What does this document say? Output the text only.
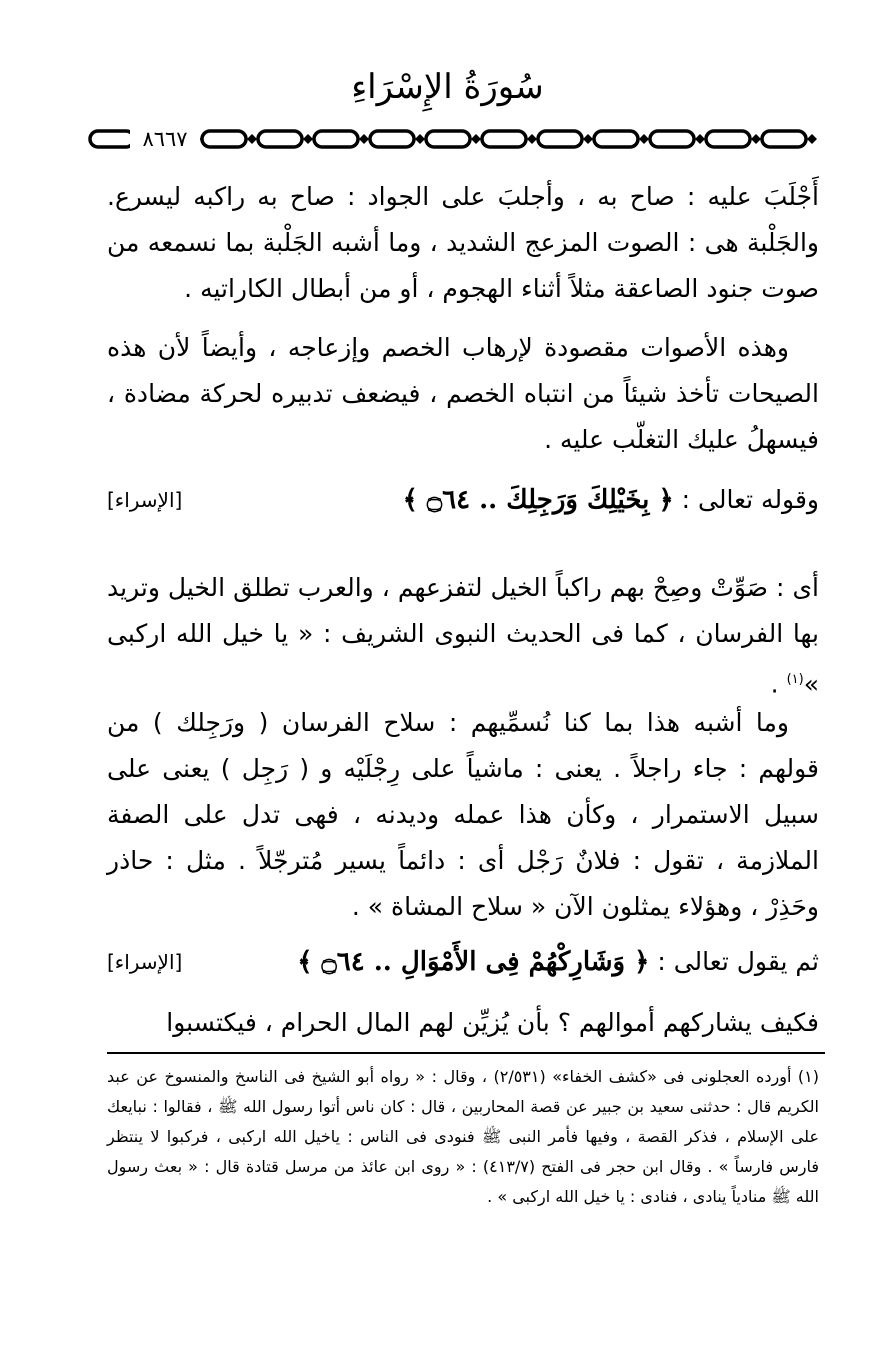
سُورَةُ الإِسْرَاءِ
٨٦٦٧

أَجْلَبَ عليه : صاح به ، وأجلبَ على الجواد : صاح به راكبه ليسرع. والجَلْبة هى : الصوت المزعج الشديد ، وما أشبه الجَلْبة بما نسمعه من صوت جنود الصاعقة مثلاً أثناء الهجوم ، أو من أبطال الكاراتيه .

وهذه الأصوات مقصودة لإرهاب الخصم وإزعاجه ، وأيضاً لأن هذه الصيحات تأخذ شيئاً من انتباه الخصم ، فيضعف تدبيره لحركة مضادة ، فيسهلُ عليك التغلّب عليه .

وقوله تعالى : ﴿ بِخَيْلِكَ وَرَجِلِكَ .. ۝٦٤ ﴾
[الإسراء]

أى : صَوِّتْ وصِحْ بهم راكباً الخيل لتفزعهم ، والعرب تطلق الخيل وتريد بها الفرسان ، كما فى الحديث النبوى الشريف : « يا خيل الله اركبى »$^{(١)}$ .

وما أشبه هذا بما كنا نُسمِّيهم : سلاح الفرسان ( ورَجِلك ) من قولهم : جاء راجلاً . يعنى : ماشياً على رِجْلَيْه و ( رَجِل ) يعنى على سبيل الاستمرار ، وكأن هذا عمله وديدنه ، فهى تدل على الصفة الملازمة ، تقول : فلانٌ رَجْل أى : دائماً يسير مُترجّلاً . مثل : حاذر وحَذِرْ ، وهؤلاء يمثلون الآن « سلاح المشاة » .

ثم يقول تعالى : ﴿ وَشَارِكْهُمْ فِى الأَمْوَالِ .. ۝٦٤ ﴾
[الإسراء]

فكيف يشاركهم أموالهم ؟ بأن يُزيِّن لهم المال الحرام ، فيكتسبوا

(١) أورده العجلونى فى «كشف الخفاء» (٢/٥٣١) ، وقال : « رواه أبو الشيخ فى الناسخ والمنسوخ عن عبد الكريم قال : حدثنى سعيد بن جبير عن قصة المحاربين ، قال : كان ناس أتوا رسول الله ﷺ ، فقالوا : نبايعك على الإسلام ، فذكر القصة ، وفيها فأمر النبى ﷺ فنودى فى الناس : ياخيل الله اركبى ، فركبوا لا ينتظر فارس فارساً » . وقال ابن حجر فى الفتح (٤١٣/٧) : « روى ابن عائذ من مرسل قتادة قال : « بعث رسول الله ﷺ منادياً ينادى ، فنادى : يا خيل الله اركبى » .
